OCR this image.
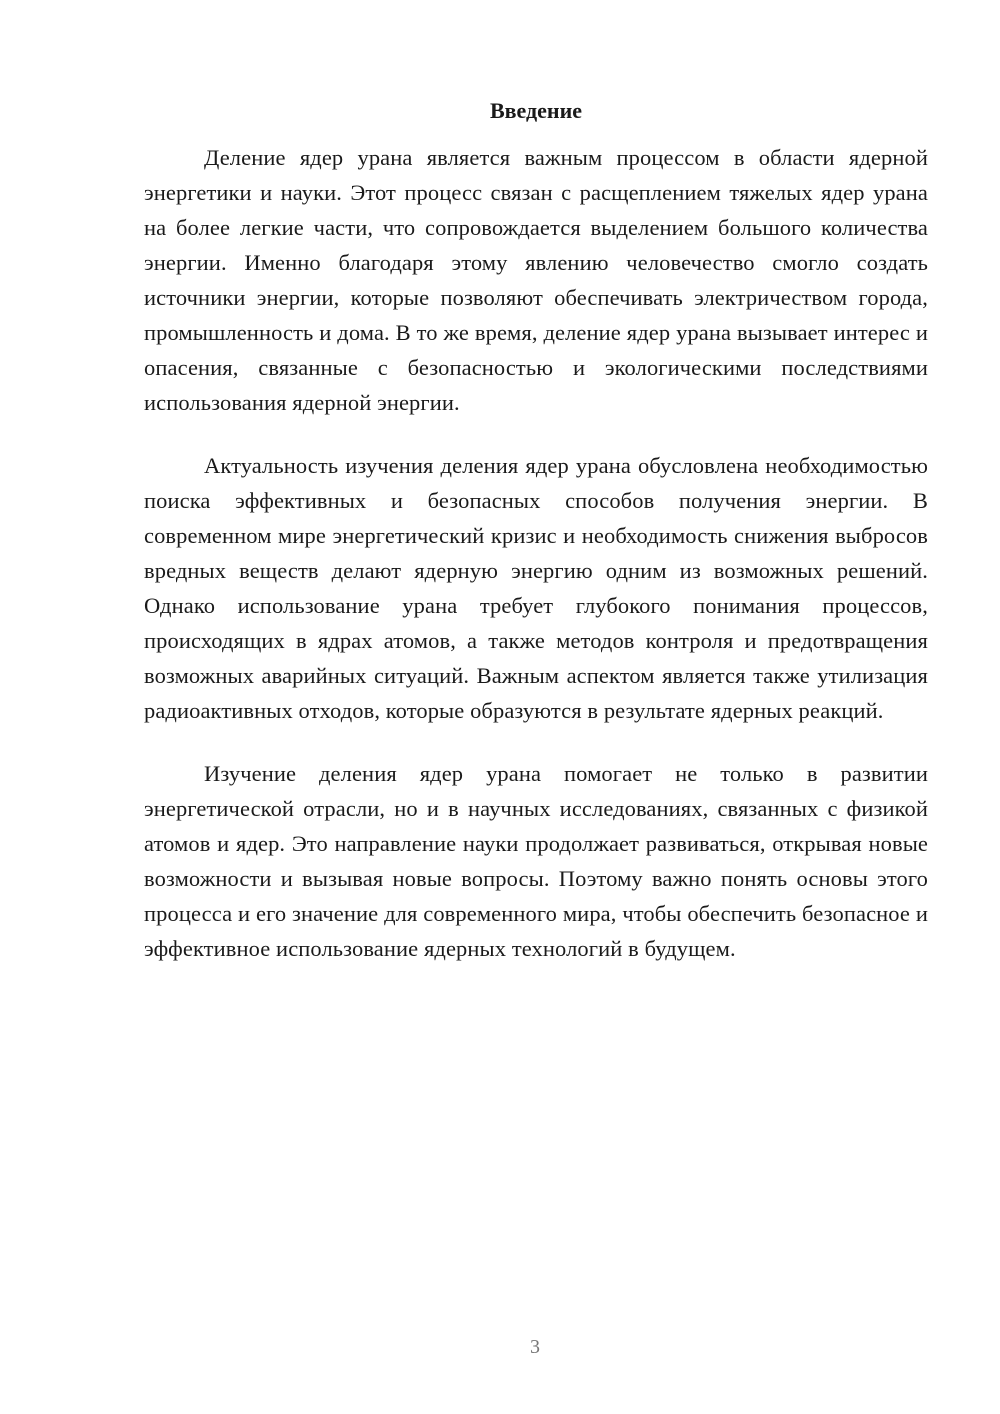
Введение

Деление ядер урана является важным процессом в области ядерной энергетики и науки. Этот процесс связан с расщеплением тяжелых ядер урана на более легкие части, что сопровождается выделением большого количества энергии. Именно благодаря этому явлению человечество смогло создать источники энергии, которые позволяют обеспечивать электричеством города, промышленность и дома. В то же время, деление ядер урана вызывает интерес и опасения, связанные с безопасностью и экологическими последствиями использования ядерной энергии.

Актуальность изучения деления ядер урана обусловлена необходимостью поиска эффективных и безопасных способов получения энергии. В современном мире энергетический кризис и необходимость снижения выбросов вредных веществ делают ядерную энергию одним из возможных решений. Однако использование урана требует глубокого понимания процессов, происходящих в ядрах атомов, а также методов контроля и предотвращения возможных аварийных ситуаций. Важным аспектом является также утилизация радиоактивных отходов, которые образуются в результате ядерных реакций.

Изучение деления ядер урана помогает не только в развитии энергетической отрасли, но и в научных исследованиях, связанных с физикой атомов и ядер. Это направление науки продолжает развиваться, открывая новые возможности и вызывая новые вопросы. Поэтому важно понять основы этого процесса и его значение для современного мира, чтобы обеспечить безопасное и эффективное использование ядерных технологий в будущем.

3
